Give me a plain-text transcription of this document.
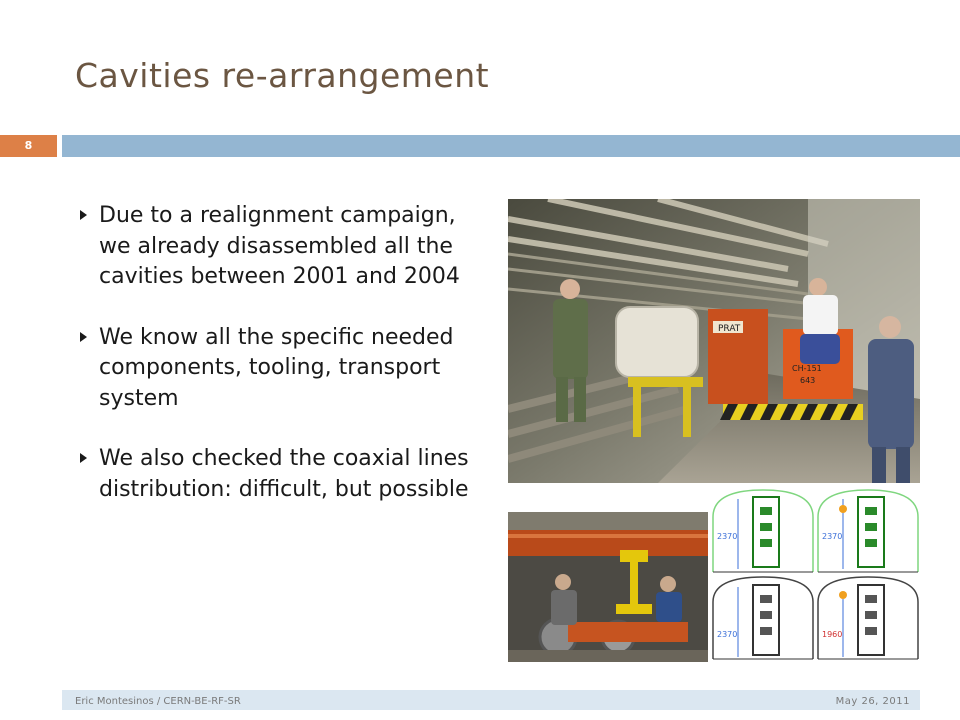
Cavities re-arrangement
8
Due to a realignment campaign, we already disassembled all the cavities between 2001 and 2004
We know all the specific needed components, tooling, transport system
We also checked the coaxial lines distribution: difficult, but possible
PRAT
CH-151
643
2370	2370
2370	1960
Eric Montesinos / CERN-BE-RF-SR	May 26, 2011
